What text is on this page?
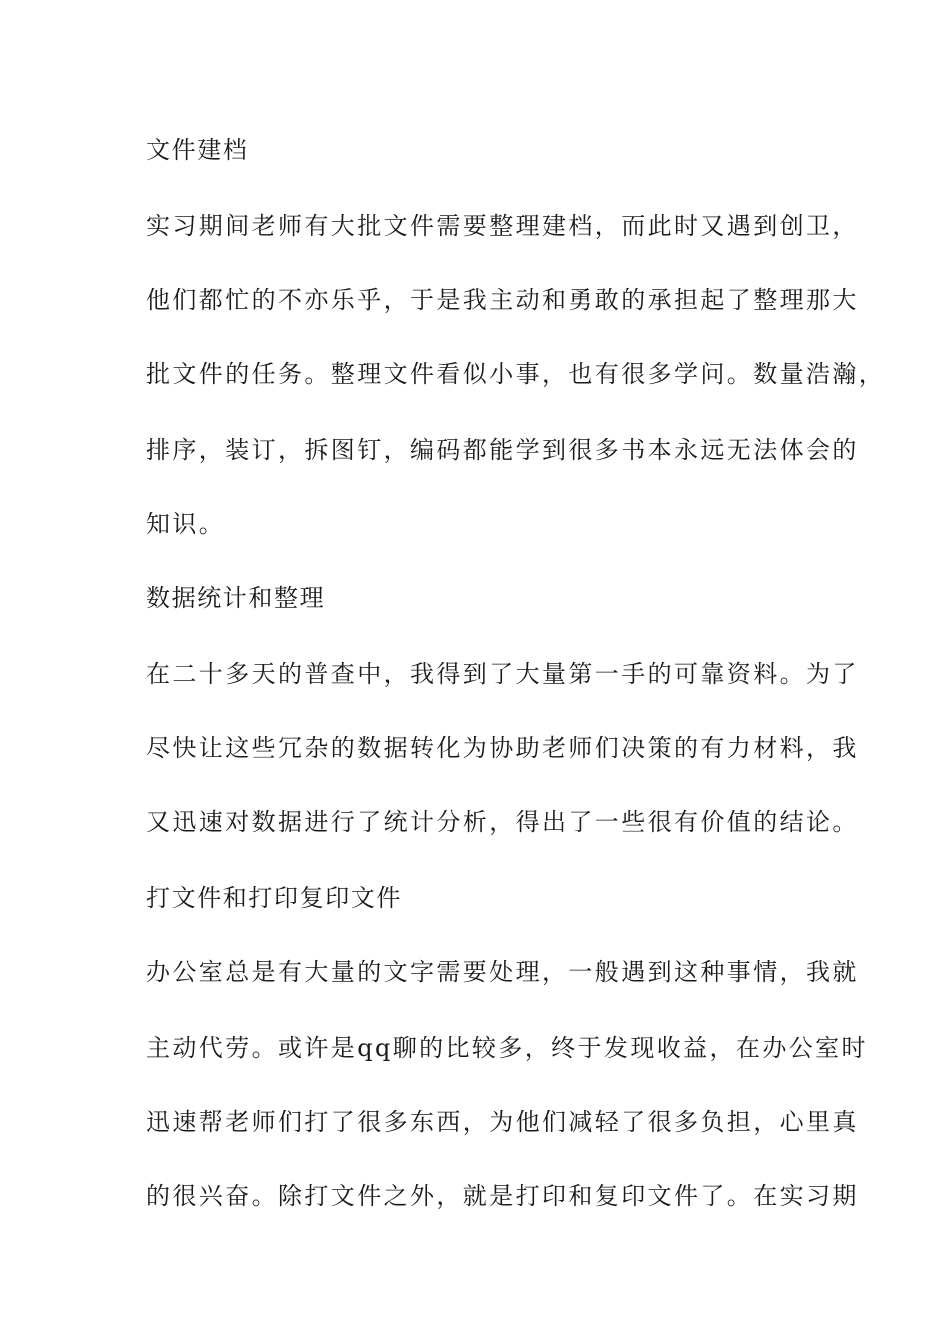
文件建档
实习期间老师有大批文件需要整理建档，而此时又遇到创卫，
他们都忙的不亦乐乎，于是我主动和勇敢的承担起了整理那大
批文件的任务。整理文件看似小事，也有很多学问。数量浩瀚，
排序，装订，拆图钉，编码都能学到很多书本永远无法体会的
知识。
数据统计和整理
在二十多天的普查中，我得到了大量第一手的可靠资料。为了
尽快让这些冗杂的数据转化为协助老师们决策的有力材料，我
又迅速对数据进行了统计分析，得出了一些很有价值的结论。
打文件和打印复印文件
办公室总是有大量的文字需要处理，一般遇到这种事情，我就
主动代劳。或许是qq聊的比较多，终于发现收益，在办公室时
迅速帮老师们打了很多东西，为他们减轻了很多负担，心里真
的很兴奋。除打文件之外，就是打印和复印文件了。在实习期
